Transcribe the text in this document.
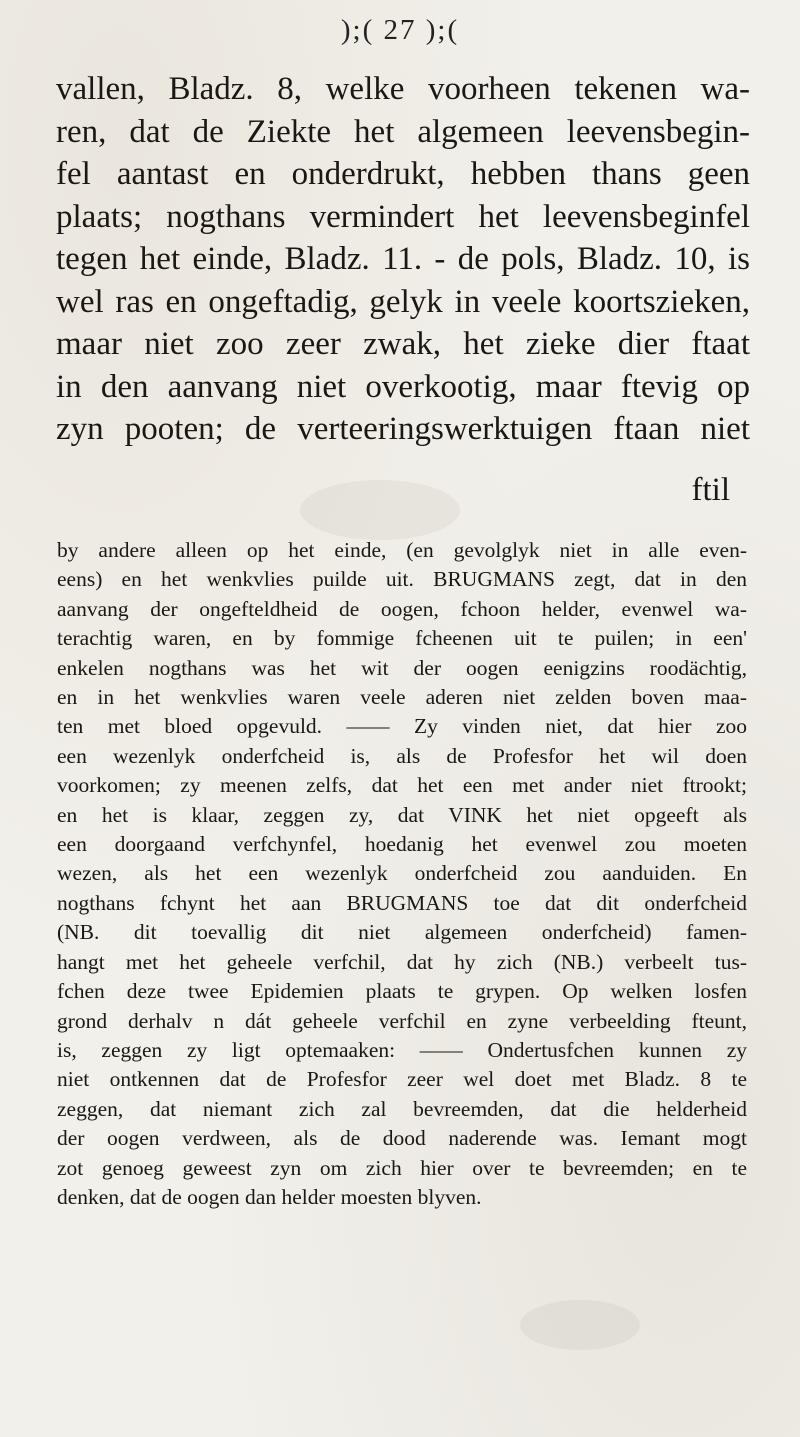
);( 27 );(
vallen, Bladz. 8, welke voorheen tekenen wa-
ren, dat de Ziekte het algemeen leevensbegin-
fel aantast en onderdrukt, hebben thans geen
plaats; nogthans vermindert het leevensbeginfel
tegen het einde, Bladz. 11. - de pols, Bladz. 10, is
wel ras en ongeftadig, gelyk in veele koortszieken,
maar niet zoo zeer zwak, het zieke dier ftaat
in den aanvang niet overkootig, maar ftevig op
zyn pooten; de verteeringswerktuigen ftaan niet
ftil
by andere alleen op het einde, (en gevolglyk niet in alle even-
eens) en het wenkvlies puilde uit. BRUGMANS zegt, dat in den
aanvang der ongefteldheid de oogen, fchoon helder, evenwel wa-
terachtig waren, en by fommige fcheenen uit te puilen; in een'
enkelen nogthans was het wit der oogen eenigzins roodächtig,
en in het wenkvlies waren veele aderen niet zelden boven maa-
ten met bloed opgevuld. —— Zy vinden niet, dat hier zoo
een wezenlyk onderfcheid is, als de Profesfor het wil doen
voorkomen; zy meenen zelfs, dat het een met ander niet ftrookt;
en het is klaar, zeggen zy, dat VINK het niet opgeeft als
een doorgaand verfchynfel, hoedanig het evenwel zou moeten
wezen, als het een wezenlyk onderfcheid zou aanduiden. En
nogthans fchynt het aan BRUGMANS toe dat dit onderfcheid
(NB. dit toevallig dit niet algemeen onderfcheid) famen-
hangt met het geheele verfchil, dat hy zich (NB.) verbeelt tus-
fchen deze twee Epidemien plaats te grypen. Op welken losfen
grond derhalv n dát geheele verfchil en zyne verbeelding fteunt,
is, zeggen zy ligt optemaaken: —— Ondertusfchen kunnen zy
niet ontkennen dat de Profesfor zeer wel doet met Bladz. 8 te
zeggen, dat niemant zich zal bevreemden, dat die helderheid
der oogen verdween, als de dood naderende was. Iemant mogt
zot genoeg geweest zyn om zich hier over te bevreemden; en te
denken, dat de oogen dan helder moesten blyven.
